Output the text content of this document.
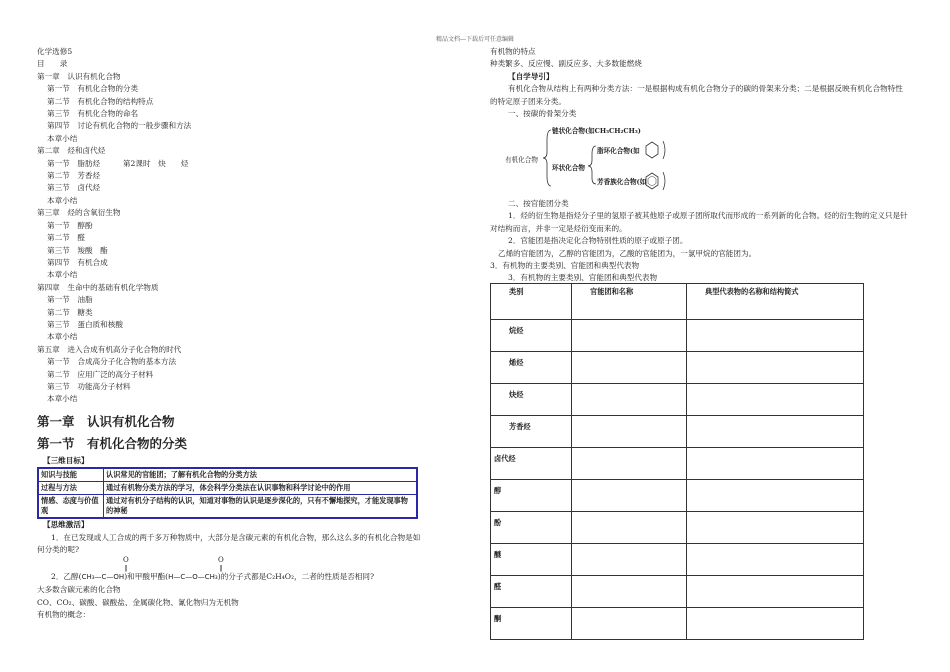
精品文档---下载后可任意编辑
化学选修5
目　　录
第一章　认识有机化合物
第一节　有机化合物的分类
第二节　有机化合物的结构特点
第三节　有机化合物的命名
第四节　讨论有机化合物的一般步骤和方法
本章小结
第二章　烃和卤代烃
第一节　脂肪烃　　　第2课时　炔　　烃
第二节　芳香烃
第三节　卤代烃
本章小结
第三章　烃的含氧衍生物
第一节　醇酚
第二节　醛
第三节　羧酸　酯
第四节　有机合成
本章小结
第四章　生命中的基础有机化学物质
第一节　油脂
第二节　糖类
第三节　蛋白质和核酸
本章小结
第五章　进入合成有机高分子化合物的时代
第一节　合成高分子化合物的基本方法
第二节　应用广泛的高分子材料
第三节　功能高分子材料
本章小结
第一章　认识有机化合物
第一节　有机化合物的分类
【三维目标】
知识与技能	认识常见的官能团；了解有机化合物的分类方法
过程与方法	通过有机物分类方法的学习，体会科学分类法在认识事物和科学讨论中的作用
情感、态度与价值观	通过对有机分子结构的认识，知道对事物的认识是逐步深化的，只有不懈地探究，才能发现事物的神秘
【思维激活】
1．在已发现或人工合成的两千多万种物质中，大部分是含碳元素的有机化合物，那么这么多的有机化合物是如何分类的呢?
O
‖
O
‖
2．乙醇(CH₃—C—OH)和甲酸甲酯(H—C—O—CH₃)的分子式都是C₂H₄O₂，二者的性质是否相同?
大多数含碳元素的化合物
CO、CO₂、碳酸、碳酸盐、金属碳化物、氰化物归为无机物
有机物的概念：
有机物的特点
种类繁多、反应慢、副反应多、大多数能燃烧
【自学导引】
有机化合物从结构上有两种分类方法：一是根据构成有机化合物分子的碳的骨架来分类；二是根据反映有机化合物特性的特定原子团来分类。
一、按碳的骨架分类
有机化合物
链状化合物(如CH₃CH₂CH₃)
环状化合物
脂环化合物(如
芳香族化合物(如
二、按官能团分类
1．烃的衍生物是指烃分子里的氢原子被其他原子或原子团所取代而形成的一系列新的化合物。烃的衍生物的定义只是针对结构而言，并非一定是烃衍变而来的。
2．官能团是指决定化合物特别性质的原子或原子团。
乙烯的官能团为，乙醇的官能团为，乙酸的官能团为，一氯甲烷的官能团为。
3．有机物的主要类别、官能团和典型代表物
3．有机物的主要类别、官能团和典型代表物
类别	官能团和名称	典型代表物的名称和结构简式
烷烃		
烯烃		
炔烃		
芳香烃		
卤代烃		
醇		
酚		
醚		
醛		
酮		
